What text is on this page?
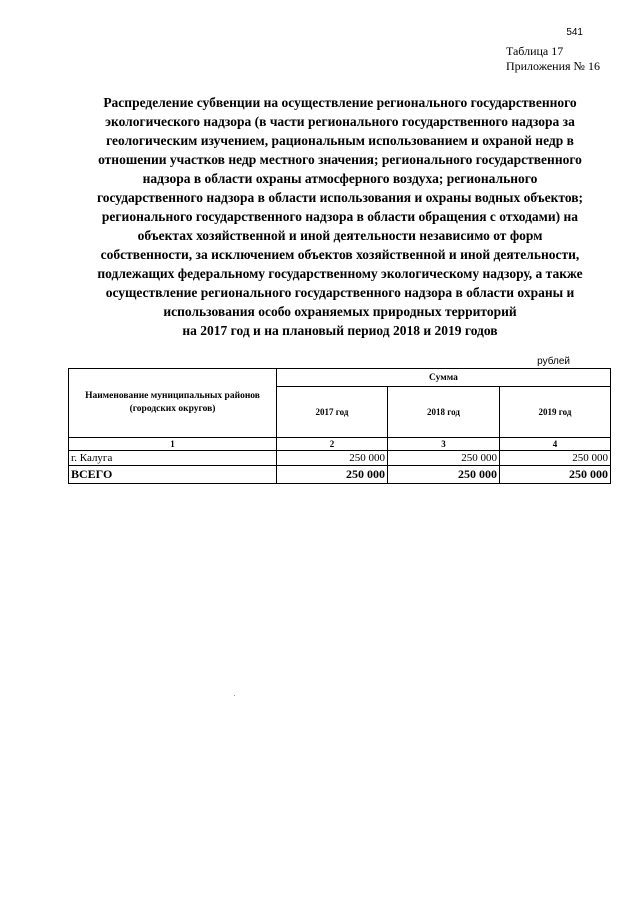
541
Таблица 17
Приложения № 16
Распределение субвенции на осуществление регионального государственного
экологического надзора (в части регионального государственного надзора за
геологическим изучением, рациональным использованием и охраной недр в
отношении участков недр местного значения; регионального государственного
надзора в области охраны атмосферного воздуха; регионального
государственного надзора в области использования и охраны водных объектов;
регионального государственного надзора в области обращения с отходами) на
объектах хозяйственной и иной деятельности независимо от форм
собственности, за исключением объектов хозяйственной и иной деятельности,
подлежащих федеральному государственному экологическому надзору, а также
осуществление регионального государственного надзора в области охраны и
использования особо охраняемых природных территорий
на 2017 год и на плановый период 2018 и 2019 годов
рублей
Наименование муниципальных районов (городских округов)	Сумма		
	2017 год	2018 год	2019 год
1	2	3	4
г. Калуга	250 000	250 000	250 000
ВСЕГО	250 000	250 000	250 000
